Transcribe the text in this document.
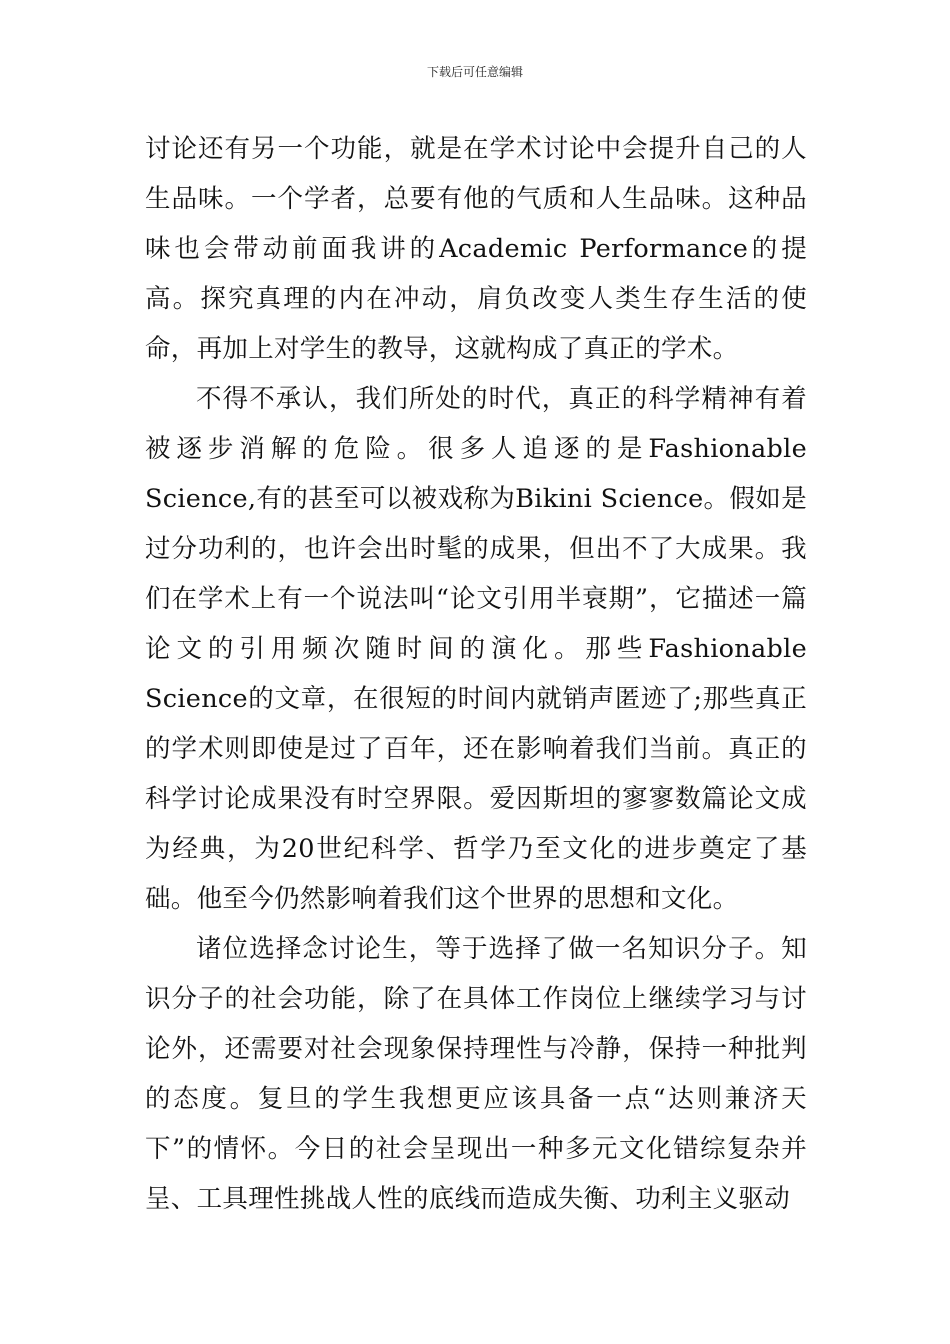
下载后可任意编辑

讨论还有另一个功能，就是在学术讨论中会提升自己的人生品味。一个学者，总要有他的气质和人生品味。这种品味也会带动前面我讲的Academic Performance的提高。探究真理的内在冲动，肩负改变人类生存生活的使命，再加上对学生的教导，这就构成了真正的学术。

不得不承认，我们所处的时代，真正的科学精神有着被逐步消解的危险。很多人追逐的是Fashionable Science,有的甚至可以被戏称为Bikini Science。假如是过分功利的，也许会出时髦的成果，但出不了大成果。我们在学术上有一个说法叫“论文引用半衰期”，它描述一篇论文的引用频次随时间的演化。那些Fashionable Science的文章，在很短的时间内就销声匿迹了;那些真正的学术则即使是过了百年，还在影响着我们当前。真正的科学讨论成果没有时空界限。爱因斯坦的寥寥数篇论文成为经典，为20世纪科学、哲学乃至文化的进步奠定了基础。他至今仍然影响着我们这个世界的思想和文化。

诸位选择念讨论生，等于选择了做一名知识分子。知识分子的社会功能，除了在具体工作岗位上继续学习与讨论外，还需要对社会现象保持理性与冷静，保持一种批判的态度。复旦的学生我想更应该具备一点“达则兼济天下”的情怀。今日的社会呈现出一种多元文化错综复杂并呈、工具理性挑战人性的底线而造成失衡、功利主义驱动
